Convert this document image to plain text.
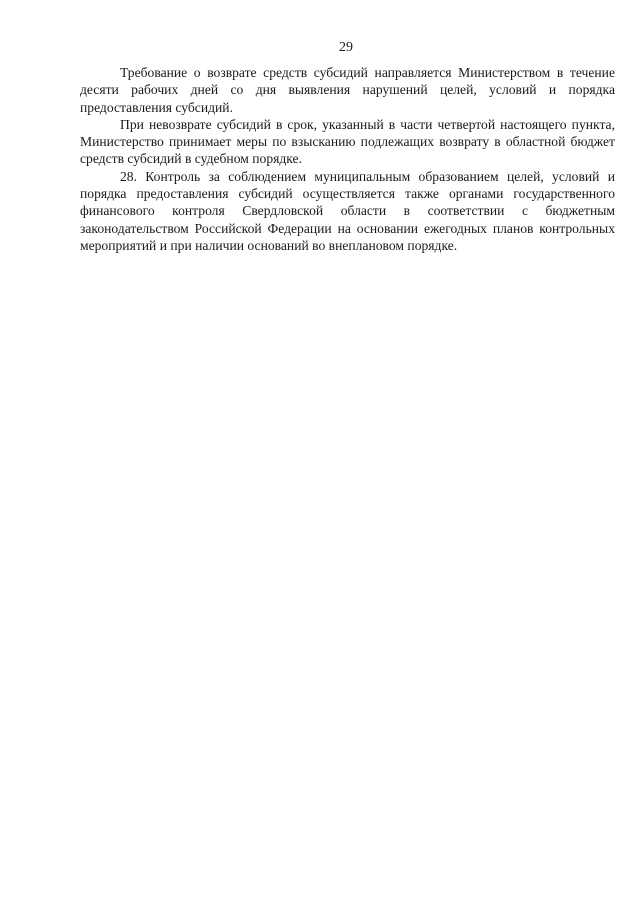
29

Требование о возврате средств субсидий направляется Министерством в течение десяти рабочих дней со дня выявления нарушений целей, условий и порядка предоставления субсидий.

При невозврате субсидий в срок, указанный в части четвертой настоящего пункта, Министерство принимает меры по взысканию подлежащих возврату в областной бюджет средств субсидий в судебном порядке.

28. Контроль за соблюдением муниципальным образованием целей, условий и порядка предоставления субсидий осуществляется также органами государственного финансового контроля Свердловской области в соответствии с бюджетным законодательством Российской Федерации на основании ежегодных планов контрольных мероприятий и при наличии оснований во внеплановом порядке.
